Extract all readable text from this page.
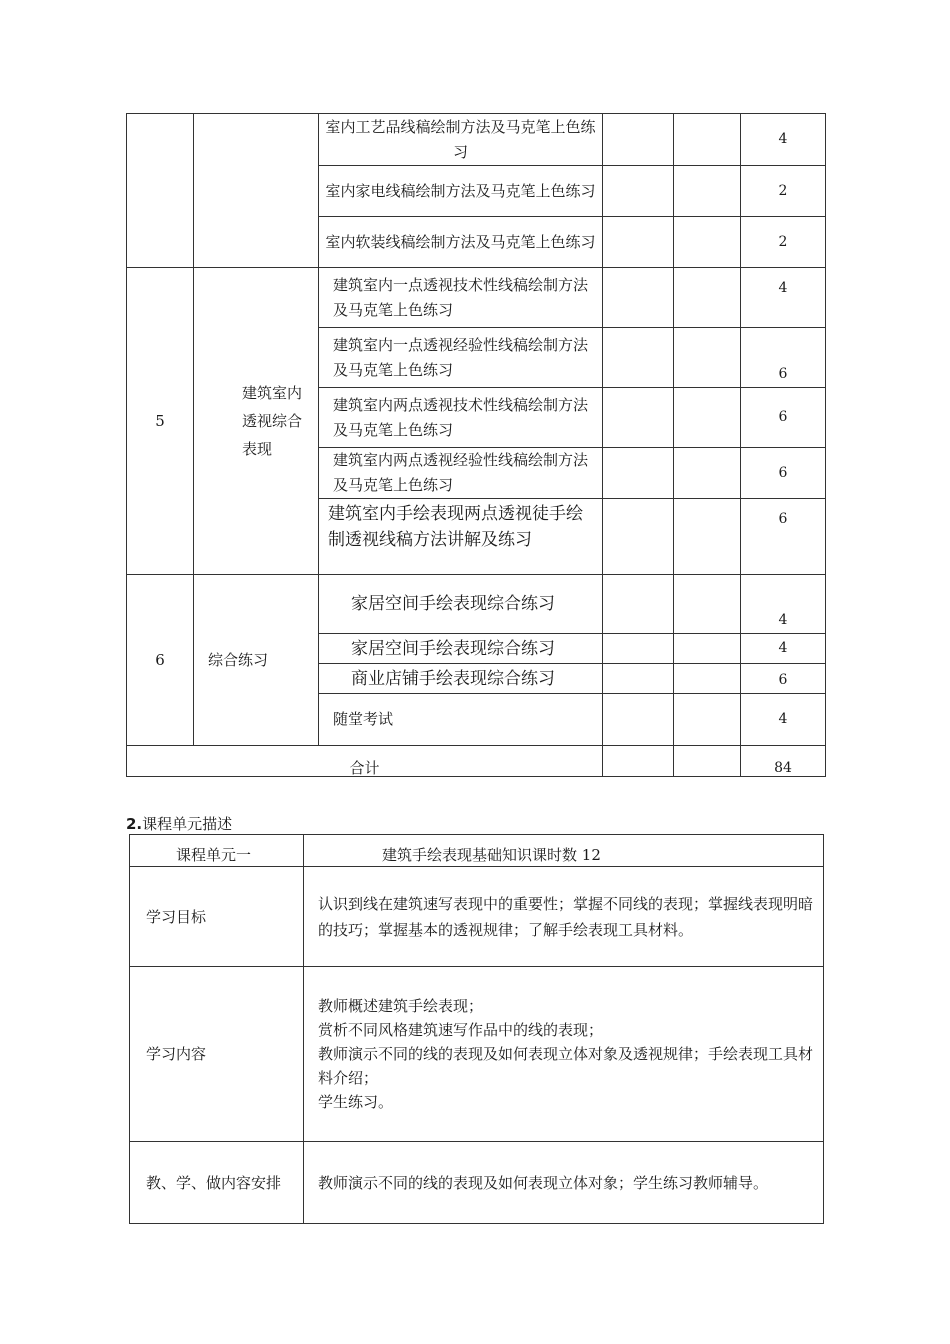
		室内工艺品线稿绘制方法及马克笔上色练习			4
		室内家电线稿绘制方法及马克笔上色练习			2
		室内软装线稿绘制方法及马克笔上色练习			2
5	建筑室内透视综合表现	建筑室内一点透视技术性线稿绘制方法及马克笔上色练习			4
		建筑室内一点透视经验性线稿绘制方法及马克笔上色练习			6
		建筑室内两点透视技术性线稿绘制方法及马克笔上色练习			6
		建筑室内两点透视经验性线稿绘制方法及马克笔上色练习			6
		建筑室内手绘表现两点透视徒手绘制透视线稿方法讲解及练习			6
6	综合练习	家居空间手绘表现综合练习			4
		家居空间手绘表现综合练习			4
		商业店铺手绘表现综合练习			6
		随堂考试			4
合计					84
2.课程单元描述
课程单元一	建筑手绘表现基础知识课时数 12
学习目标	认识到线在建筑速写表现中的重要性；掌握不同线的表现；掌握线表现明暗的技巧；掌握基本的透视规律；了解手绘表现工具材料。
学习内容	教师概述建筑手绘表现；
赏析不同风格建筑速写作品中的线的表现；
教师演示不同的线的表现及如何表现立体对象及透视规律；手绘表现工具材料介绍；
学生练习。

教、学、做内容安排	教师演示不同的线的表现及如何表现立体对象；学生练习教师辅导。
